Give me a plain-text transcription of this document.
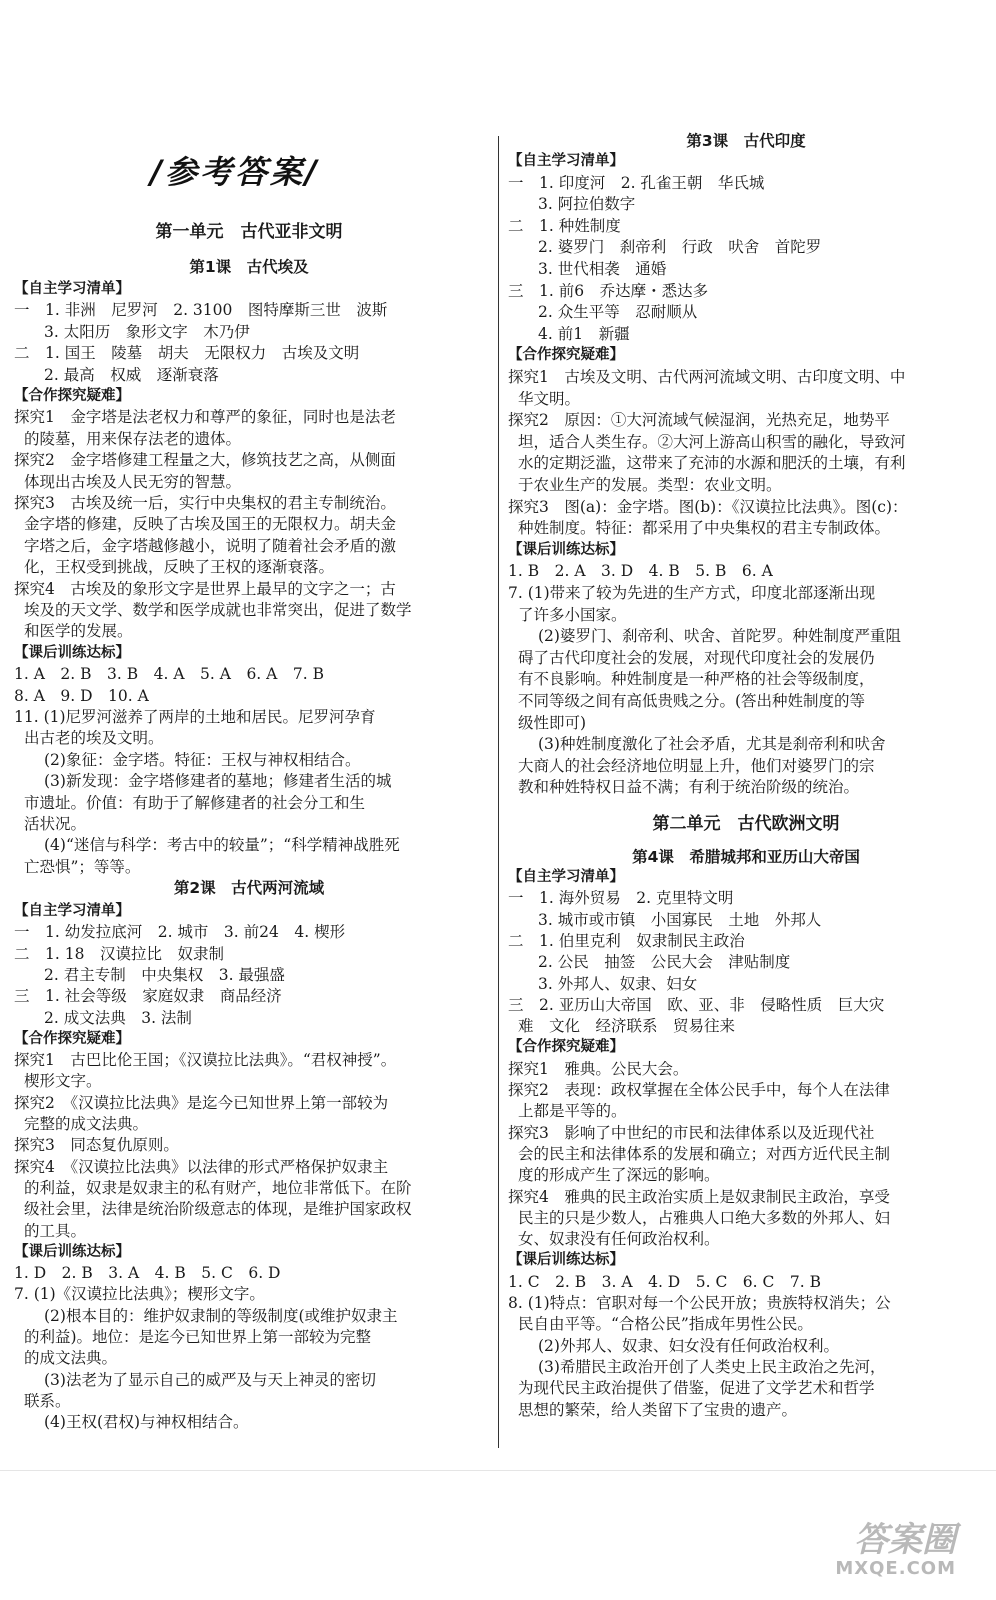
/参考答案/
第一单元　古代亚非文明
第1课　古代埃及
【自主学习清单】
一　1. 非洲　尼罗河　2. 3100　图特摩斯三世　波斯
3. 太阳历　象形文字　木乃伊
二　1. 国王　陵墓　胡夫　无限权力　古埃及文明
2. 最高　权威　逐渐衰落
【合作探究疑难】
探究1　金字塔是法老权力和尊严的象征，同时也是法老
的陵墓，用来保存法老的遗体。
探究2　金字塔修建工程量之大，修筑技艺之高，从侧面
体现出古埃及人民无穷的智慧。
探究3　古埃及统一后，实行中央集权的君主专制统治。
金字塔的修建，反映了古埃及国王的无限权力。胡夫金
字塔之后，金字塔越修越小，说明了随着社会矛盾的激
化，王权受到挑战，反映了王权的逐渐衰落。
探究4　古埃及的象形文字是世界上最早的文字之一；古
埃及的天文学、数学和医学成就也非常突出，促进了数学
和医学的发展。
【课后训练达标】
1. A　2. B　3. B　4. A　5. A　6. A　7. B
8. A　9. D　10. A
11. (1)尼罗河滋养了两岸的土地和居民。尼罗河孕育
出古老的埃及文明。
(2)象征：金字塔。特征：王权与神权相结合。
(3)新发现：金字塔修建者的墓地；修建者生活的城
市遗址。价值：有助于了解修建者的社会分工和生
活状况。
(4)“迷信与科学：考古中的较量”；“科学精神战胜死
亡恐惧”；等等。
第2课　古代两河流域
【自主学习清单】
一　1. 幼发拉底河　2. 城市　3. 前24　4. 楔形
二　1. 18　汉谟拉比　奴隶制
2. 君主专制　中央集权　3. 最强盛
三　1. 社会等级　家庭奴隶　商品经济
2. 成文法典　3. 法制
【合作探究疑难】
探究1　古巴比伦王国；《汉谟拉比法典》。“君权神授”。
楔形文字。
探究2　《汉谟拉比法典》是迄今已知世界上第一部较为
完整的成文法典。
探究3　同态复仇原则。
探究4　《汉谟拉比法典》以法律的形式严格保护奴隶主
的利益，奴隶是奴隶主的私有财产，地位非常低下。在阶
级社会里，法律是统治阶级意志的体现，是维护国家政权
的工具。
【课后训练达标】
1. D　2. B　3. A　4. B　5. C　6. D
7. (1)《汉谟拉比法典》；楔形文字。
(2)根本目的：维护奴隶制的等级制度(或维护奴隶主
的利益)。地位：是迄今已知世界上第一部较为完整
的成文法典。
(3)法老为了显示自己的威严及与天上神灵的密切
联系。
(4)王权(君权)与神权相结合。
第3课　古代印度
【自主学习清单】
一　1. 印度河　2. 孔雀王朝　华氏城
3. 阿拉伯数字
二　1. 种姓制度
2. 婆罗门　刹帝利　行政　吠舍　首陀罗
3. 世代相袭　通婚
三　1. 前6　乔达摩・悉达多
2. 众生平等　忍耐顺从
4. 前1　新疆
【合作探究疑难】
探究1　古埃及文明、古代两河流域文明、古印度文明、中
华文明。
探究2　原因：①大河流域气候湿润，光热充足，地势平
坦，适合人类生存。②大河上游高山积雪的融化，导致河
水的定期泛滥，这带来了充沛的水源和肥沃的土壤，有利
于农业生产的发展。类型：农业文明。
探究3　图(a)：金字塔。图(b)：《汉谟拉比法典》。图(c)：
种姓制度。特征：都采用了中央集权的君主专制政体。
【课后训练达标】
1. B　2. A　3. D　4. B　5. B　6. A
7. (1)带来了较为先进的生产方式，印度北部逐渐出现
了许多小国家。
(2)婆罗门、刹帝利、吠舍、首陀罗。种姓制度严重阻
碍了古代印度社会的发展，对现代印度社会的发展仍
有不良影响。种姓制度是一种严格的社会等级制度，
不同等级之间有高低贵贱之分。(答出种姓制度的等
级性即可)
(3)种姓制度激化了社会矛盾，尤其是刹帝利和吠舍
大商人的社会经济地位明显上升，他们对婆罗门的宗
教和种姓特权日益不满；有利于统治阶级的统治。
第二单元　古代欧洲文明
第4课　希腊城邦和亚历山大帝国
【自主学习清单】
一　1. 海外贸易　2. 克里特文明
3. 城市或市镇　小国寡民　土地　外邦人
二　1. 伯里克利　奴隶制民主政治
2. 公民　抽签　公民大会　津贴制度
3. 外邦人、奴隶、妇女
三　2. 亚历山大帝国　欧、亚、非　侵略性质　巨大灾
难　文化　经济联系　贸易往来
【合作探究疑难】
探究1　雅典。公民大会。
探究2　表现：政权掌握在全体公民手中，每个人在法律
上都是平等的。
探究3　影响了中世纪的市民和法律体系以及近现代社
会的民主和法律体系的发展和确立；对西方近代民主制
度的形成产生了深远的影响。
探究4　雅典的民主政治实质上是奴隶制民主政治，享受
民主的只是少数人，占雅典人口绝大多数的外邦人、妇
女、奴隶没有任何政治权利。
【课后训练达标】
1. C　2. B　3. A　4. D　5. C　6. C　7. B
8. (1)特点：官职对每一个公民开放；贵族特权消失；公
民自由平等。“合格公民”指成年男性公民。
(2)外邦人、奴隶、妇女没有任何政治权利。
(3)希腊民主政治开创了人类史上民主政治之先河，
为现代民主政治提供了借鉴，促进了文学艺术和哲学
思想的繁荣，给人类留下了宝贵的遗产。
答案圈
MXQE.COM
